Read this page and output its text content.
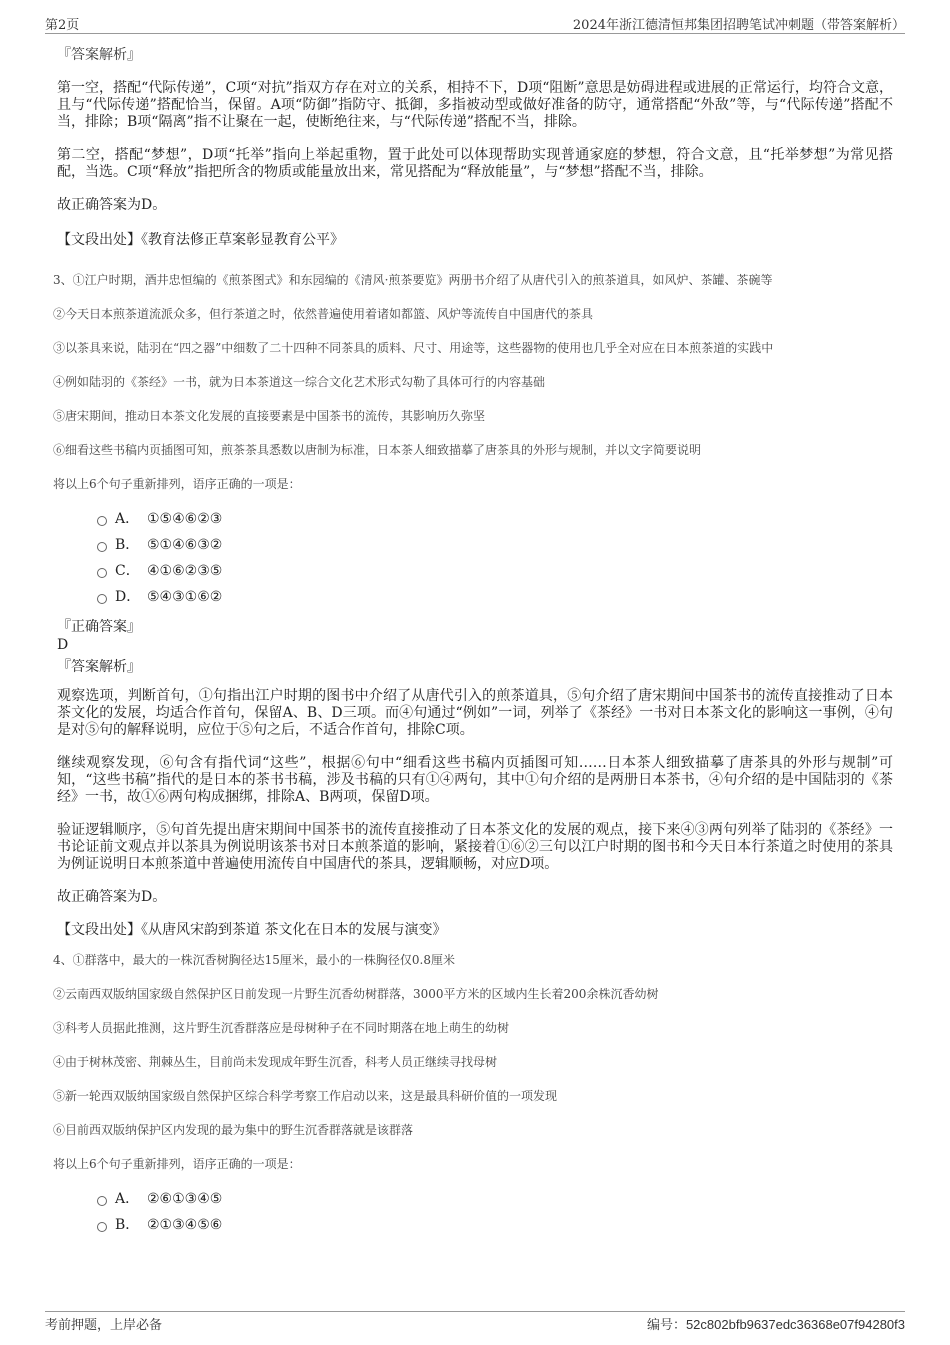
第2页	2024年浙江德清恒邦集团招聘笔试冲刺题（带答案解析）
『答案解析』

第一空，搭配“代际传递”，C项“对抗”指双方存在对立的关系，相持不下，D项“阻断”意思是妨碍进程或进展的正常运行，均符合文意，且与“代际传递”搭配恰当，保留。A项“防御”指防守、抵御，多指被动型或做好准备的防守，通常搭配“外敌”等，与“代际传递”搭配不当，排除；B项“隔离”指不让聚在一起，使断绝往来，与“代际传递”搭配不当，排除。

第二空，搭配“梦想”，D项“托举”指向上举起重物，置于此处可以体现帮助实现普通家庭的梦想，符合文意，且“托举梦想”为常见搭配，当选。C项“释放”指把所含的物质或能量放出来，常见搭配为“释放能量”，与“梦想”搭配不当，排除。

故正确答案为D。

【文段出处】《教育法修正草案彰显教育公平》

3、①江户时期，酒井忠恒编的《煎茶图式》和东园编的《清风·煎茶要览》两册书介绍了从唐代引入的煎茶道具，如风炉、茶罐、茶碗等

②今天日本煎茶道流派众多，但行茶道之时，依然普遍使用着诸如都篮、风炉等流传自中国唐代的茶具

③以茶具来说，陆羽在“四之器”中细数了二十四种不同茶具的质料、尺寸、用途等，这些器物的使用也几乎全对应在日本煎茶道的实践中

④例如陆羽的《茶经》一书，就为日本茶道这一综合文化艺术形式勾勒了具体可行的内容基础

⑤唐宋期间，推动日本茶文化发展的直接要素是中国茶书的流传，其影响历久弥坚

⑥细看这些书稿内页插图可知，煎茶茶具悉数以唐制为标准，日本茶人细致描摹了唐茶具的外形与规制，并以文字简要说明

将以上6个句子重新排列，语序正确的一项是：

A． ①⑤④⑥②③
B． ⑤①④⑥③②
C． ④①⑥②③⑤
D． ⑤④③①⑥②
『正确答案』
D
『答案解析』

观察选项，判断首句，①句指出江户时期的图书中介绍了从唐代引入的煎茶道具，⑤句介绍了唐宋期间中国茶书的流传直接推动了日本茶文化的发展，均适合作首句，保留A、B、D三项。而④句通过“例如”一词，列举了《茶经》一书对日本茶文化的影响这一事例，④句是对⑤句的解释说明，应位于⑤句之后，不适合作首句，排除C项。

继续观察发现，⑥句含有指代词“这些”，根据⑥句中“细看这些书稿内页插图可知……日本茶人细致描摹了唐茶具的外形与规制”可知，“这些书稿”指代的是日本的茶书书稿，涉及书稿的只有①④两句，其中①句介绍的是两册日本茶书，④句介绍的是中国陆羽的《茶经》一书，故①⑥两句构成捆绑，排除A、B两项，保留D项。

验证逻辑顺序，⑤句首先提出唐宋期间中国茶书的流传直接推动了日本茶文化的发展的观点，接下来④③两句列举了陆羽的《茶经》一书论证前文观点并以茶具为例说明该茶书对日本煎茶道的影响，紧接着①⑥②三句以江户时期的图书和今天日本行茶道之时使用的茶具为例证说明日本煎茶道中普遍使用流传自中国唐代的茶具，逻辑顺畅，对应D项。

故正确答案为D。

【文段出处】《从唐风宋韵到茶道 茶文化在日本的发展与演变》

4、①群落中，最大的一株沉香树胸径达15厘米，最小的一株胸径仅0.8厘米

②云南西双版纳国家级自然保护区日前发现一片野生沉香幼树群落，3000平方米的区域内生长着200余株沉香幼树

③科考人员据此推测，这片野生沉香群落应是母树种子在不同时期落在地上萌生的幼树

④由于树林茂密、荆棘丛生，目前尚未发现成年野生沉香，科考人员正继续寻找母树

⑤新一轮西双版纳国家级自然保护区综合科学考察工作启动以来，这是最具科研价值的一项发现

⑥目前西双版纳保护区内发现的最为集中的野生沉香群落就是该群落

将以上6个句子重新排列，语序正确的一项是：

A． ②⑥①③④⑤
B． ②①③④⑤⑥
考前押题，上岸必备	编号：52c802bfb9637edc36368e07f94280f3
